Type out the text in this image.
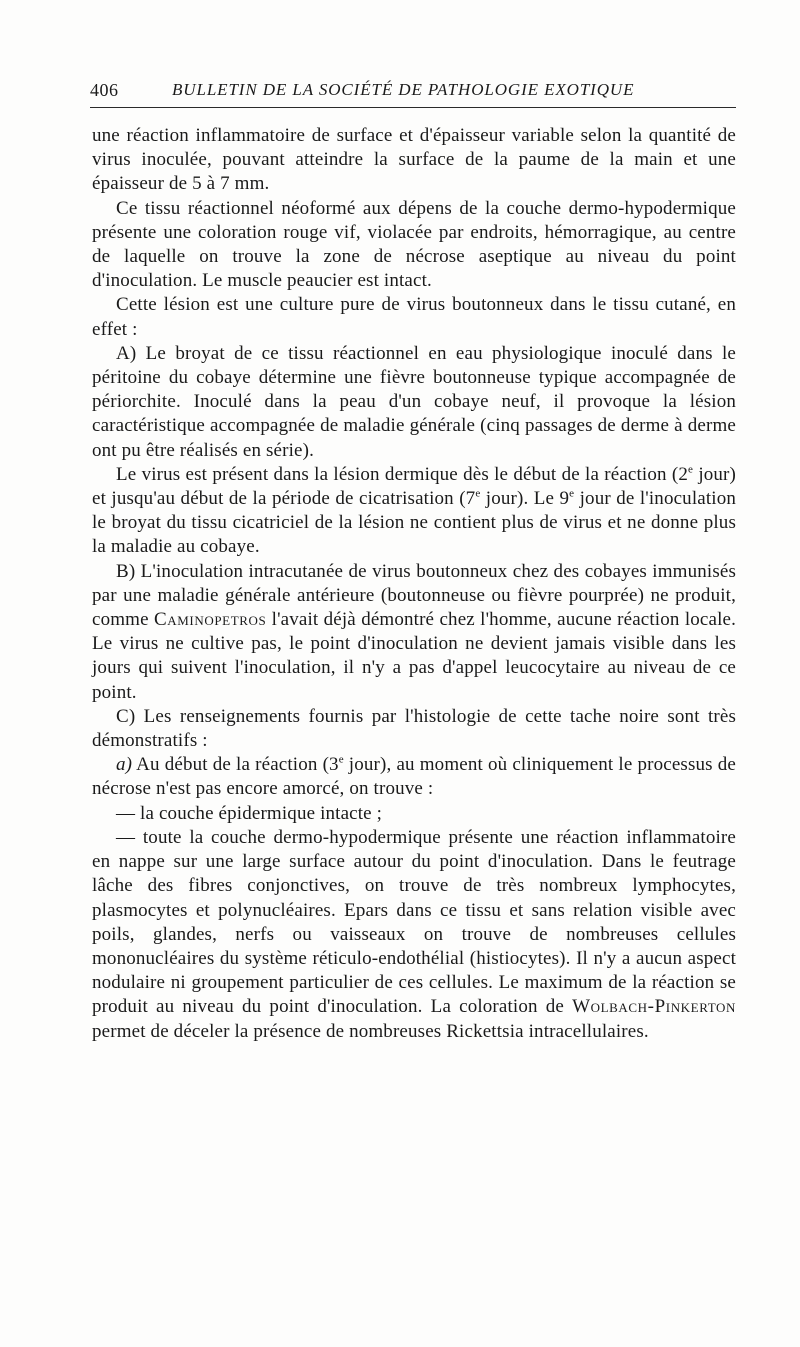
406	BULLETIN DE LA SOCIÉTÉ DE PATHOLOGIE EXOTIQUE

une réaction inflammatoire de surface et d'épaisseur variable selon la quantité de virus inoculée, pouvant atteindre la surface de la paume de la main et une épaisseur de 5 à 7 mm.

Ce tissu réactionnel néoformé aux dépens de la couche dermo-hypodermique présente une coloration rouge vif, violacée par endroits, hémorragique, au centre de laquelle on trouve la zone de nécrose aseptique au niveau du point d'inoculation. Le muscle peaucier est intact.

Cette lésion est une culture pure de virus boutonneux dans le tissu cutané, en effet :

A) Le broyat de ce tissu réactionnel en eau physiologique inoculé dans le péritoine du cobaye détermine une fièvre boutonneuse typique accompagnée de périorchite. Inoculé dans la peau d'un cobaye neuf, il provoque la lésion caractéristique accompagnée de maladie générale (cinq passages de derme à derme ont pu être réalisés en série).

Le virus est présent dans la lésion dermique dès le début de la réaction (2e jour) et jusqu'au début de la période de cicatrisation (7e jour). Le 9e jour de l'inoculation le broyat du tissu cicatriciel de la lésion ne contient plus de virus et ne donne plus la maladie au cobaye.

B) L'inoculation intracutanée de virus boutonneux chez des cobayes immunisés par une maladie générale antérieure (boutonneuse ou fièvre pourprée) ne produit, comme Caminopetros l'avait déjà démontré chez l'homme, aucune réaction locale. Le virus ne cultive pas, le point d'inoculation ne devient jamais visible dans les jours qui suivent l'inoculation, il n'y a pas d'appel leucocytaire au niveau de ce point.

C) Les renseignements fournis par l'histologie de cette tache noire sont très démonstratifs :

a) Au début de la réaction (3e jour), au moment où cliniquement le processus de nécrose n'est pas encore amorcé, on trouve :

— la couche épidermique intacte ;

— toute la couche dermo-hypodermique présente une réaction inflammatoire en nappe sur une large surface autour du point d'inoculation. Dans le feutrage lâche des fibres conjonctives, on trouve de très nombreux lymphocytes, plasmocytes et polynucléaires. Epars dans ce tissu et sans relation visible avec poils, glandes, nerfs ou vaisseaux on trouve de nombreuses cellules mononucléaires du système réticulo-endothélial (histiocytes). Il n'y a aucun aspect nodulaire ni groupement particulier de ces cellules. Le maximum de la réaction se produit au niveau du point d'inoculation. La coloration de Wolbach-Pinkerton permet de déceler la présence de nombreuses Rickettsia intracellulaires.
